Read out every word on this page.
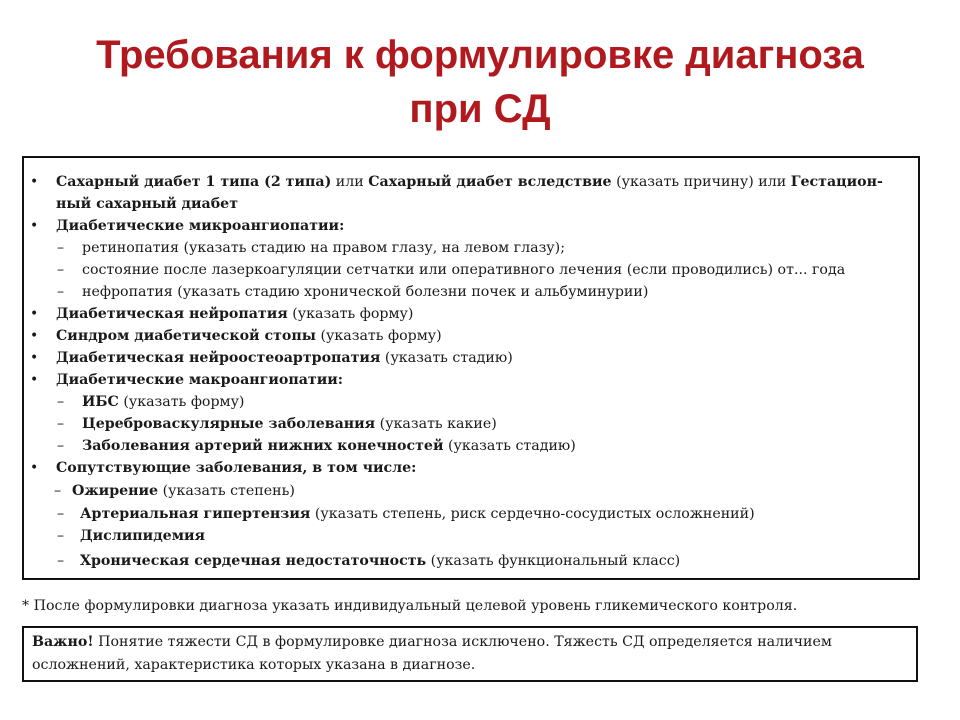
Требования к формулировке диагноза
при СД
• Сахарный диабет 1 типа (2 типа) или Сахарный диабет вследствие (указать причину) или Гестацион-
ный сахарный диабет
• Диабетические микроангиопатии:
– ретинопатия (указать стадию на правом глазу, на левом глазу);
– состояние после лазеркоагуляции сетчатки или оперативного лечения (если проводились) от... года
– нефропатия (указать стадию хронической болезни почек и альбуминурии)
• Диабетическая нейропатия (указать форму)
• Синдром диабетической стопы (указать форму)
• Диабетическая нейроостеоартропатия (указать стадию)
• Диабетические макроангиопатии:
– ИБС (указать форму)
– Цереброваскулярные заболевания (указать какие)
– Заболевания артерий нижних конечностей (указать стадию)
• Сопутствующие заболевания, в том числе:
– Ожирение (указать степень)
– Артериальная гипертензия (указать степень, риск сердечно-сосудистых осложнений)
– Дислипидемия
– Хроническая сердечная недостаточность (указать функциональный класс)
* После формулировки диагноза указать индивидуальный целевой уровень гликемического контроля.
Важно! Понятие тяжести СД в формулировке диагноза исключено. Тяжесть СД определяется наличием
осложнений, характеристика которых указана в диагнозе.
